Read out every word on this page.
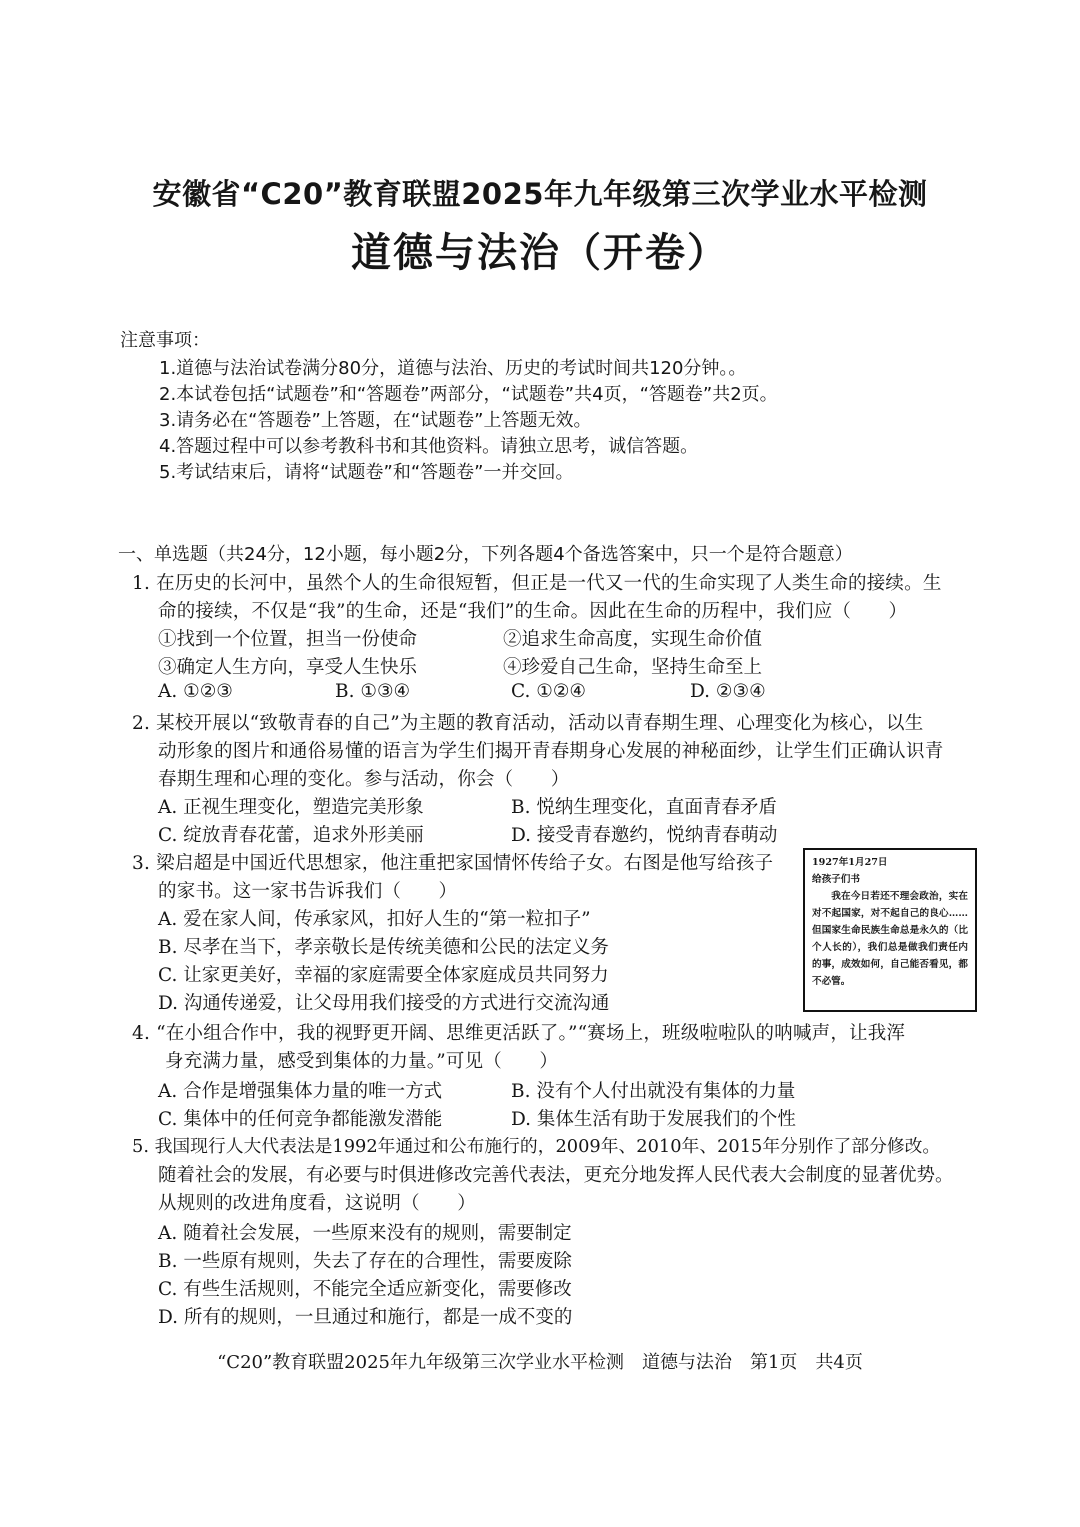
安徽省“C20”教育联盟2025年九年级第三次学业水平检测
道德与法治（开卷）
注意事项：
1.道德与法治试卷满分80分，道德与法治、历史的考试时间共120分钟。。
2.本试卷包括“试题卷”和“答题卷”两部分，“试题卷”共4页，“答题卷”共2页。
3.请务必在“答题卷”上答题，在“试题卷”上答题无效。
4.答题过程中可以参考教科书和其他资料。请独立思考，诚信答题。
5.考试结束后，请将“试题卷”和“答题卷”一并交回。
一、单选题（共24分，12小题，每小题2分，下列各题4个备选答案中，只一个是符合题意）
1. 在历史的长河中，虽然个人的生命很短暂，但正是一代又一代的生命实现了人类生命的接续。生
命的接续，不仅是“我”的生命，还是“我们”的生命。因此在生命的历程中，我们应（　　）
①找到一个位置，担当一份使命	②追求生命高度，实现生命价值
③确定人生方向，享受人生快乐	④珍爱自己生命，坚持生命至上
A. ①②③	B. ①③④	C. ①②④	D. ②③④
2. 某校开展以“致敬青春的自己”为主题的教育活动，活动以青春期生理、心理变化为核心，以生
动形象的图片和通俗易懂的语言为学生们揭开青春期身心发展的神秘面纱，让学生们正确认识青
春期生理和心理的变化。参与活动，你会（　　）
A. 正视生理变化，塑造完美形象	B. 悦纳生理变化，直面青春矛盾
C. 绽放青春花蕾，追求外形美丽	D. 接受青春邀约，悦纳青春萌动
3. 梁启超是中国近代思想家，他注重把家国情怀传给子女。右图是他写给孩子
的家书。这一家书告诉我们（　　）
A. 爱在家人间，传承家风，扣好人生的“第一粒扣子”
B. 尽孝在当下，孝亲敬长是传统美德和公民的法定义务
C. 让家更美好，幸福的家庭需要全体家庭成员共同努力
D. 沟通传递爱，让父母用我们接受的方式进行交流沟通
1927年1月27日
给孩子们书
我在今日若还不理会政治，实在对不起国家，对不起自己的良心……但国家生命民族生命总是永久的（比个人长的），我们总是做我们责任内的事，成效如何，自己能否看见，都不必管。
4. “在小组合作中，我的视野更开阔、思维更活跃了。”“赛场上，班级啦啦队的呐喊声，让我浑
身充满力量，感受到集体的力量。”可见（　　）
A. 合作是增强集体力量的唯一方式	B. 没有个人付出就没有集体的力量
C. 集体中的任何竞争都能激发潜能	D. 集体生活有助于发展我们的个性
5. 我国现行人大代表法是1992年通过和公布施行的，2009年、2010年、2015年分别作了部分修改。
随着社会的发展，有必要与时俱进修改完善代表法，更充分地发挥人民代表大会制度的显著优势。
从规则的改进角度看，这说明（　　）
A. 随着社会发展，一些原来没有的规则，需要制定
B. 一些原有规则，失去了存在的合理性，需要废除
C. 有些生活规则，不能完全适应新变化，需要修改
D. 所有的规则，一旦通过和施行，都是一成不变的
“C20”教育联盟2025年九年级第三次学业水平检测　道德与法治　第1页　共4页
